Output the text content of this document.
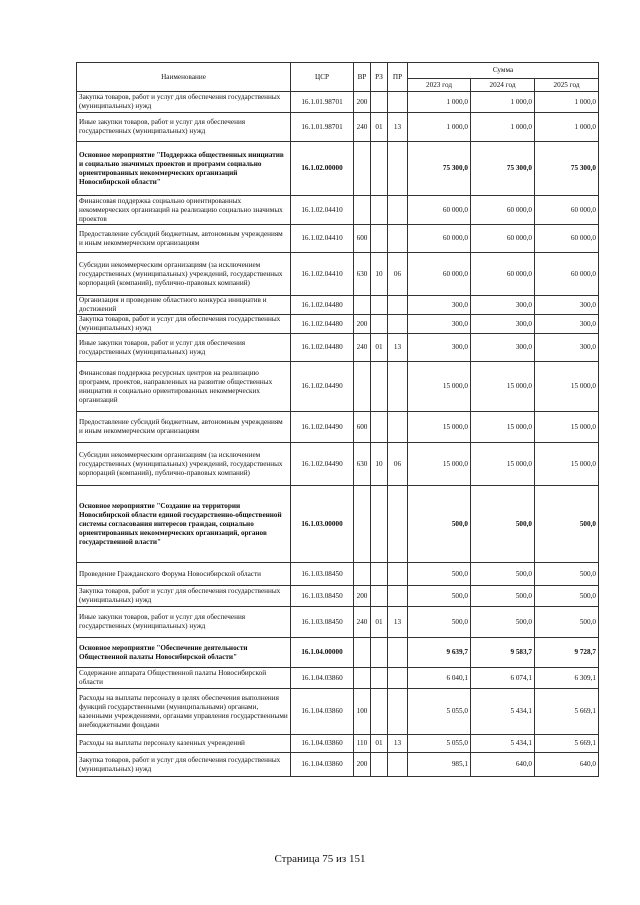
Наименование	ЦСР	ВР	РЗ	ПР	Сумма		
					2023 год	2024 год	2025 год
Закупка товаров, работ и услуг для обеспечения государственных (муниципальных) нужд	16.1.01.98701	200			1 000,0	1 000,0	1 000,0
Иные закупки товаров, работ и услуг для обеспечения государственных (муниципальных) нужд	16.1.01.98701	240	01	13	1 000,0	1 000,0	1 000,0
Основное мероприятие "Поддержка общественных инициатив и социально значимых проектов и программ социально ориентированных некоммерческих организаций Новосибирской области"	16.1.02.00000				75 300,0	75 300,0	75 300,0
Финансовая поддержка социально ориентированных некоммерческих организаций на реализацию социально значимых проектов	16.1.02.04410				60 000,0	60 000,0	60 000,0
Предоставление субсидий бюджетным, автономным учреждениям и иным некоммерческим организациям	16.1.02.04410	600			60 000,0	60 000,0	60 000,0
Субсидии некоммерческим организациям (за исключением государственных (муниципальных) учреждений, государственных корпораций (компаний), публично-правовых компаний)	16.1.02.04410	630	10	06	60 000,0	60 000,0	60 000,0
Организация и проведение областного конкурса инициатив и достижений	16.1.02.04480				300,0	300,0	300,0
Закупка товаров, работ и услуг для обеспечения государственных (муниципальных) нужд	16.1.02.04480	200			300,0	300,0	300,0
Иные закупки товаров, работ и услуг для обеспечения государственных (муниципальных) нужд	16.1.02.04480	240	01	13	300,0	300,0	300,0
Финансовая поддержка ресурсных центров на реализацию программ, проектов, направленных на развитие общественных инициатив и социально ориентированных некоммерческих организаций	16.1.02.04490				15 000,0	15 000,0	15 000,0
Предоставление субсидий бюджетным, автономным учреждениям и иным некоммерческим организациям	16.1.02.04490	600			15 000,0	15 000,0	15 000,0
Субсидии некоммерческим организациям (за исключением государственных (муниципальных) учреждений, государственных корпораций (компаний), публично-правовых компаний)	16.1.02.04490	630	10	06	15 000,0	15 000,0	15 000,0
Основное мероприятие "Создание на территории Новосибирской области единой государственно-общественной системы согласования интересов граждан, социально ориентированных некоммерческих организаций, органов государственной власти"	16.1.03.00000				500,0	500,0	500,0
Проведение Гражданского Форума Новосибирской области	16.1.03.08450				500,0	500,0	500,0
Закупка товаров, работ и услуг для обеспечения государственных (муниципальных) нужд	16.1.03.08450	200			500,0	500,0	500,0
Иные закупки товаров, работ и услуг для обеспечения государственных (муниципальных) нужд	16.1.03.08450	240	01	13	500,0	500,0	500,0
Основное мероприятие "Обеспечение деятельности Общественной палаты Новосибирской области"	16.1.04.00000				9 639,7	9 583,7	9 728,7
Содержание аппарата Общественной палаты Новосибирской области	16.1.04.03860				6 040,1	6 074,1	6 309,1
Расходы на выплаты персоналу в целях обеспечения выполнения функций государственными (муниципальными) органами, казенными учреждениями, органами управления государственными внебюджетными фондами	16.1.04.03860	100			5 055,0	5 434,1	5 669,1
Расходы на выплаты персоналу казенных учреждений	16.1.04.03860	110	01	13	5 055,0	5 434,1	5 669,1
Закупка товаров, работ и услуг для обеспечения государственных (муниципальных) нужд	16.1.04.03860	200			985,1	640,0	640,0
Страница 75 из 151
